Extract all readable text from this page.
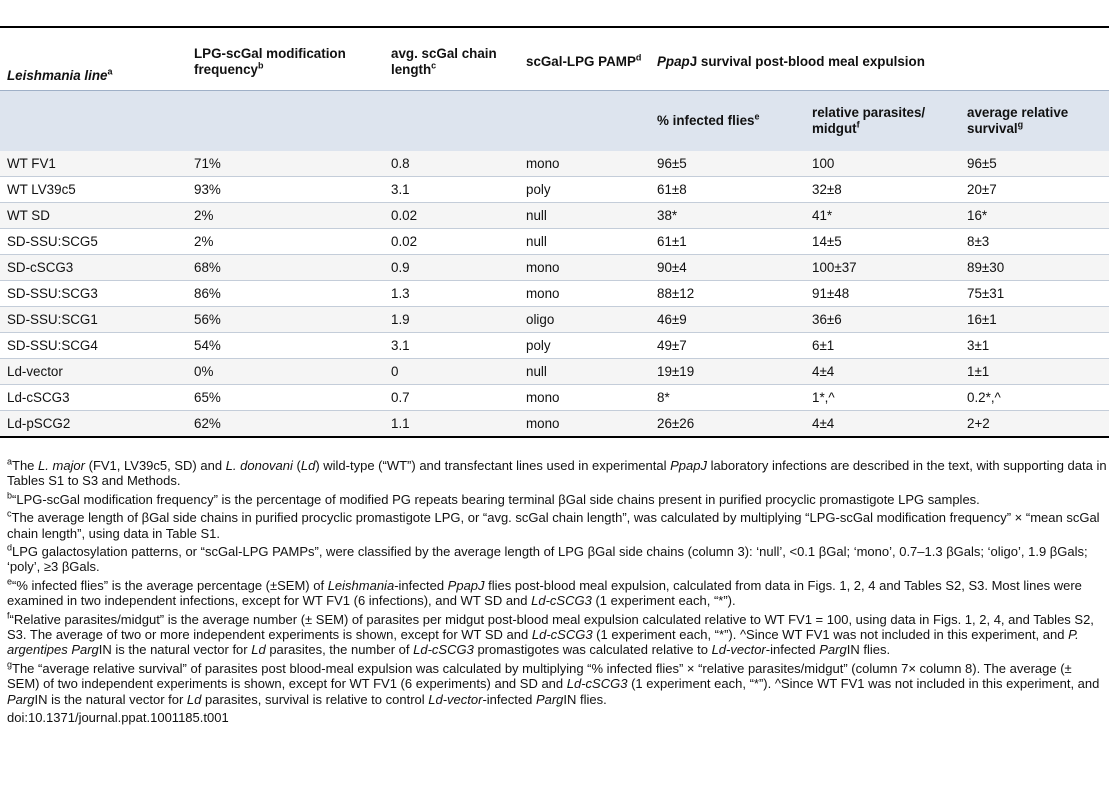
Leishmania line$^a$	LPG-scGal modification frequency$^b$	avg. scGal chain length$^c$	scGal-LPG PAMP$^d$	PpapJ survival post-blood meal expulsion		
				% infected flies$^e$	relative parasites/ midgut$^f$	average relative survival$^g$
WT FV1	71%	0.8	mono	96±5	100	96±5
WT LV39c5	93%	3.1	poly	61±8	32±8	20±7
WT SD	2%	0.02	null	38*	41*	16*
SD-SSU:SCG5	2%	0.02	null	61±1	14±5	8±3
SD-cSCG3	68%	0.9	mono	90±4	100±37	89±30
SD-SSU:SCG3	86%	1.3	mono	88±12	91±48	75±31
SD-SSU:SCG1	56%	1.9	oligo	46±9	36±6	16±1
SD-SSU:SCG4	54%	3.1	poly	49±7	6±1	3±1
Ld-vector	0%	0	null	19±19	4±4	1±1
Ld-cSCG3	65%	0.7	mono	8*	1*,^	0.2*,^
Ld-pSCG2	62%	1.1	mono	26±26	4±4	2+2
$^a$The L. major (FV1, LV39c5, SD) and L. donovani (Ld) wild-type (“WT”) and transfectant lines used in experimental PpapJ laboratory infections are described in the text, with supporting data in Tables S1 to S3 and Methods.
$^b$“LPG-scGal modification frequency” is the percentage of modified PG repeats bearing terminal βGal side chains present in purified procyclic promastigote LPG samples.
$^c$The average length of βGal side chains in purified procyclic promastigote LPG, or “avg. scGal chain length”, was calculated by multiplying “LPG-scGal modification frequency” × “mean scGal chain length”, using data in Table S1.
$^d$LPG galactosylation patterns, or “scGal-LPG PAMPs”, were classified by the average length of LPG βGal side chains (column 3): ‘null’, <0.1 βGal; ‘mono’, 0.7–1.3 βGals; ‘oligo’, 1.9 βGals; ‘poly’, ≥3 βGals.
$^e$“% infected flies” is the average percentage (±SEM) of Leishmania-infected PpapJ flies post-blood meal expulsion, calculated from data in Figs. 1, 2, 4 and Tables S2, S3. Most lines were examined in two independent infections, except for WT FV1 (6 infections), and WT SD and Ld-cSCG3 (1 experiment each, “*”).
$^f$“Relative parasites/midgut” is the average number (± SEM) of parasites per midgut post-blood meal expulsion calculated relative to WT FV1 = 100, using data in Figs. 1, 2, 4, and Tables S2, S3. The average of two or more independent experiments is shown, except for WT SD and Ld-cSCG3 (1 experiment each, “*”). ^Since WT FV1 was not included in this experiment, and P. argentipes PargIN is the natural vector for Ld parasites, the number of Ld-cSCG3 promastigotes was calculated relative to Ld-vector-infected PargIN flies.
$^g$The “average relative survival” of parasites post blood-meal expulsion was calculated by multiplying “% infected flies” × “relative parasites/midgut” (column 7× column 8). The average (± SEM) of two independent experiments is shown, except for WT FV1 (6 experiments) and SD and Ld-cSCG3 (1 experiment each, “*”). ^Since WT FV1 was not included in this experiment, and PargIN is the natural vector for Ld parasites, survival is relative to control Ld-vector-infected PargIN flies.
doi:10.1371/journal.ppat.1001185.t001
